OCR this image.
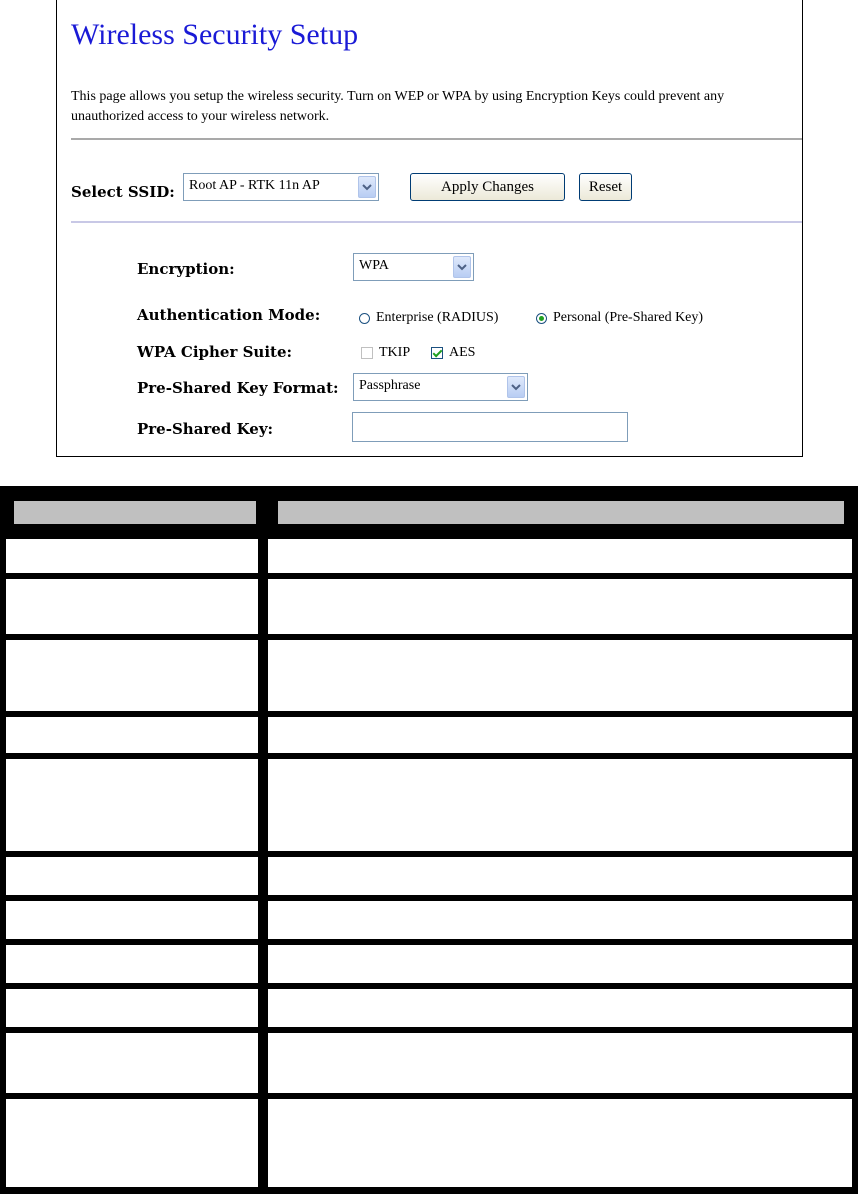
Wireless Security Setup
This page allows you setup the wireless security. Turn on WEP or WPA by using Encryption Keys could prevent any unauthorized access to your wireless network.
Select SSID: Root AP - RTK 11n AP	Apply Changes	Reset
Encryption:	WPA
Authentication Mode:	Enterprise (RADIUS)	Personal (Pre-Shared Key)
WPA Cipher Suite:	TKIP	AES
Pre-Shared Key Format: Passphrase
Pre-Shared Key:
